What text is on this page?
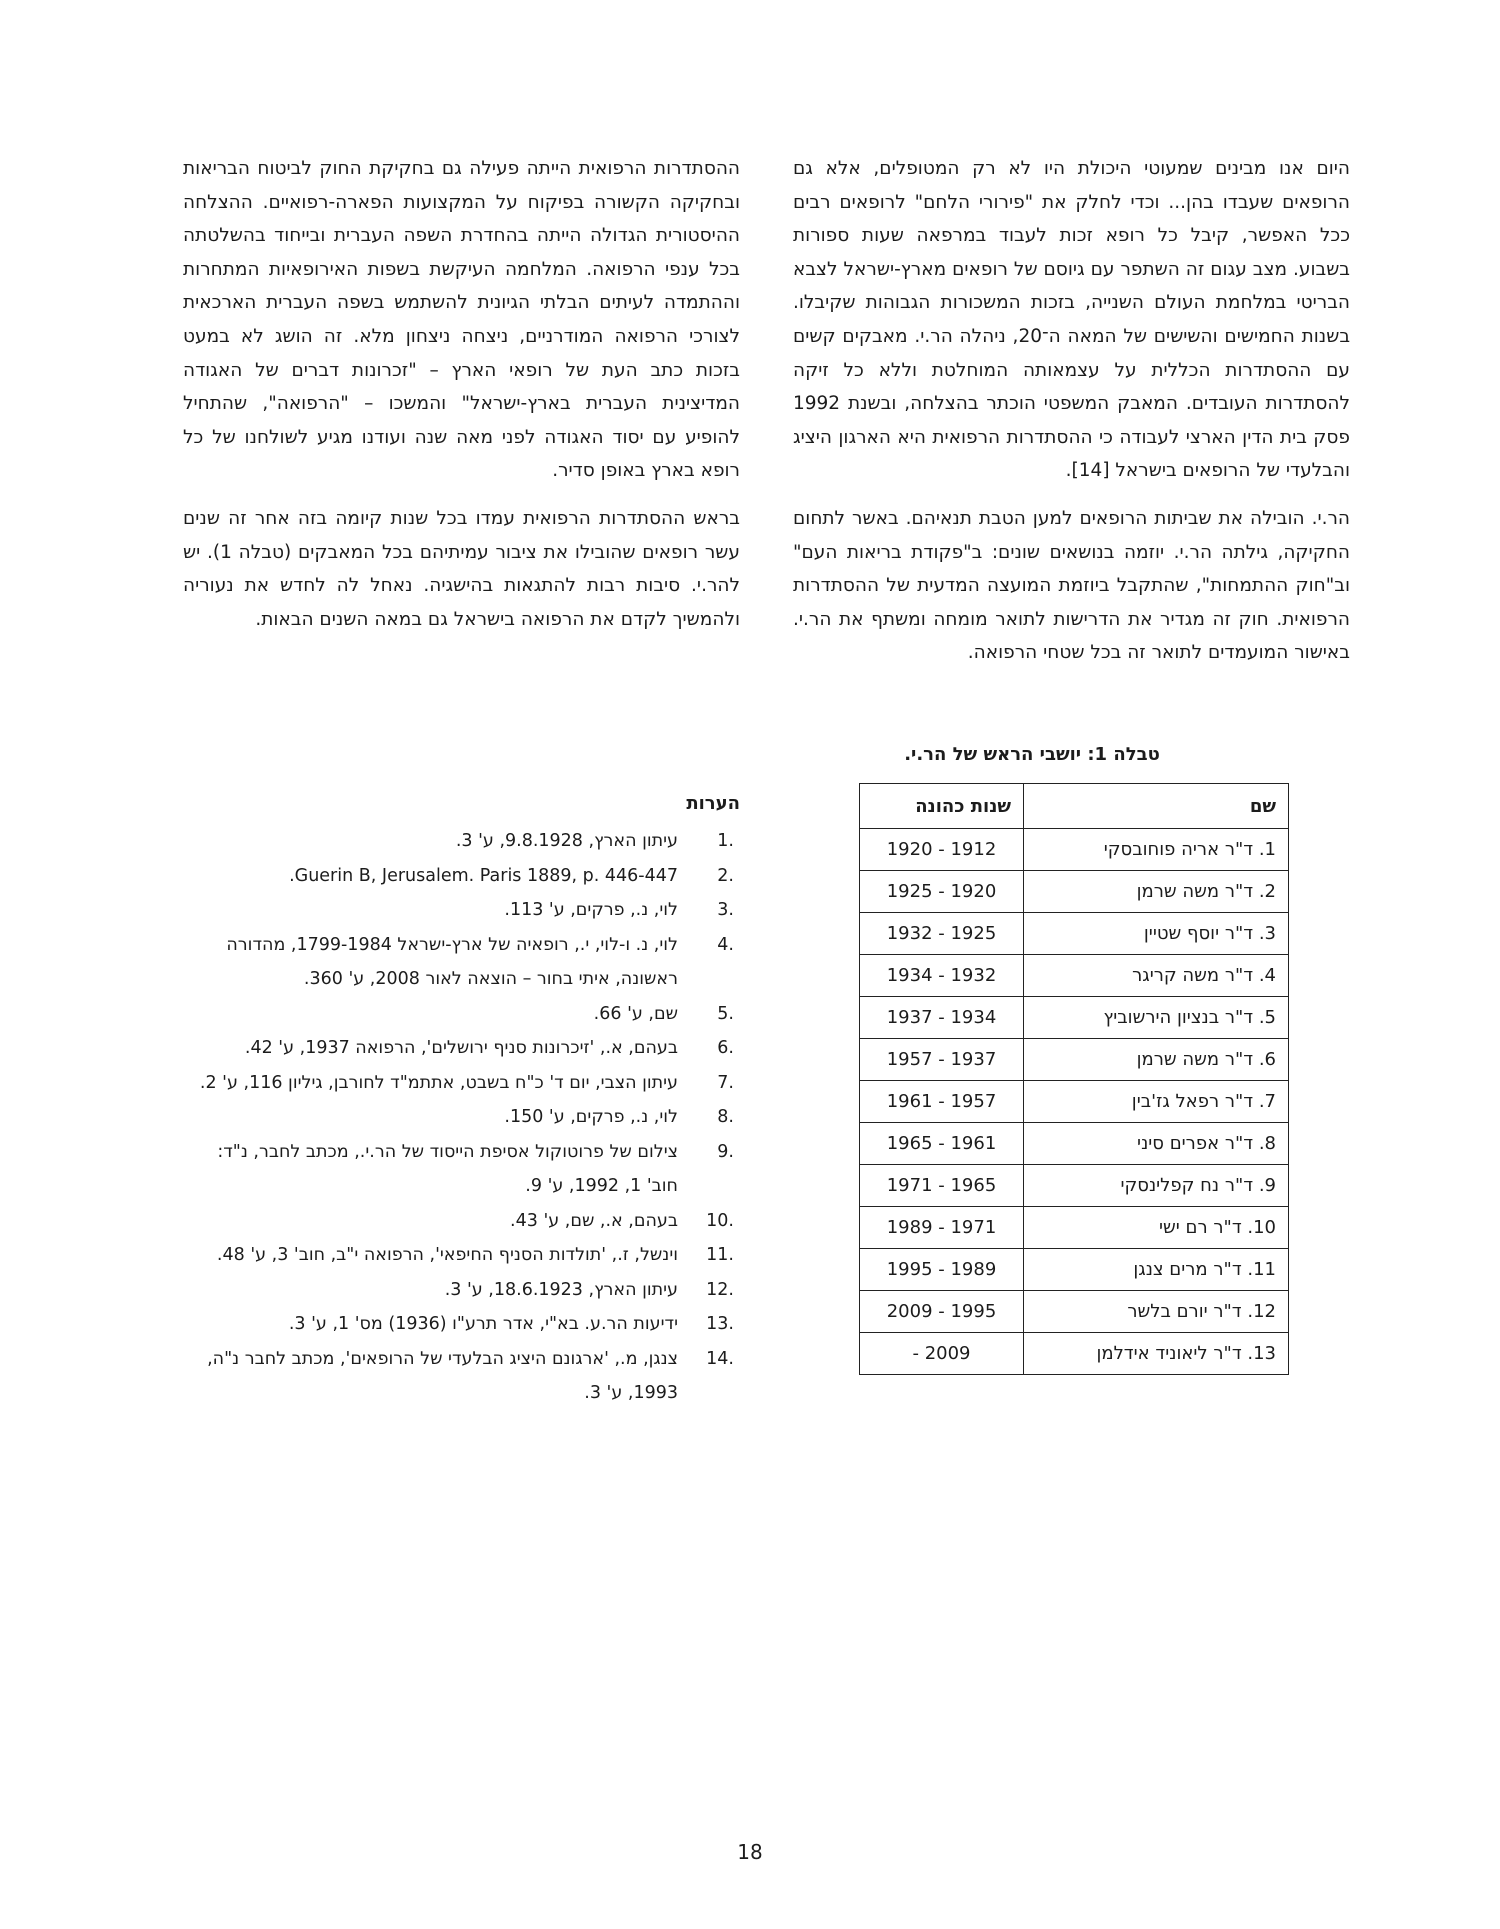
היום אנו מבינים שמעוטי היכולת היו לא רק המטופלים, אלא גם הרופאים שעבדו בהן... וכדי לחלק את "פירורי הלחם" לרופאים רבים ככל האפשר, קיבל כל רופא זכות לעבוד במרפאה שעות ספורות בשבוע. מצב עגום זה השתפר עם גיוסם של רופאים מארץ-ישראל לצבא הבריטי במלחמת העולם השנייה, בזכות המשכורות הגבוהות שקיבלו. בשנות החמישים והשישים של המאה ה־20, ניהלה הר.י. מאבקים קשים עם ההסתדרות הכללית על עצמאותה המוחלטת וללא כל זיקה להסתדרות העובדים. המאבק המשפטי הוכתר בהצלחה, ובשנת 1992 פסק בית הדין הארצי לעבודה כי ההסתדרות הרפואית היא הארגון היציג והבלעדי של הרופאים בישראל [14].

הר.י. הובילה את שביתות הרופאים למען הטבת תנאיהם. באשר לתחום החקיקה, גילתה הר.י. יוזמה בנושאים שונים: ב"פקודת בריאות העם" וב"חוק ההתמחות", שהתקבל ביוזמת המועצה המדעית של ההסתדרות הרפואית. חוק זה מגדיר את הדרישות לתואר מומחה ומשתף את הר.י. באישור המועמדים לתואר זה בכל שטחי הרפואה.

ההסתדרות הרפואית הייתה פעילה גם בחקיקת החוק לביטוח הבריאות ובחקיקה הקשורה בפיקוח על המקצועות הפארה-רפואיים. ההצלחה ההיסטורית הגדולה הייתה בהחדרת השפה העברית ובייחוד בהשלטתה בכל ענפי הרפואה. המלחמה העיקשת בשפות האירופאיות המתחרות וההתמדה לעיתים הבלתי הגיונית להשתמש בשפה העברית הארכאית לצורכי הרפואה המודרניים, ניצחה ניצחון מלא. זה הושג לא במעט בזכות כתב העת של רופאי הארץ – "זכרונות דברים של האגודה המדיצינית העברית בארץ-ישראל" והמשכו – "הרפואה", שהתחיל להופיע עם יסוד האגודה לפני מאה שנה ועודנו מגיע לשולחנו של כל רופא בארץ באופן סדיר.

בראש ההסתדרות הרפואית עמדו בכל שנות קיומה בזה אחר זה שנים עשר רופאים שהובילו את ציבור עמיתיהם בכל המאבקים (טבלה 1). יש להר.י. סיבות רבות להתגאות בהישגיה. נאחל לה לחדש את נעוריה ולהמשיך לקדם את הרפואה בישראל גם במאה השנים הבאות.

טבלה 1: יושבי הראש של הר.י.
שם	שנות כהונה
1. ד"ר אריה פוחובסקי	1920 - 1912
2. ד"ר משה שרמן	1925 - 1920
3. ד"ר יוסף שטיין	1932 - 1925
4. ד"ר משה קריגר	1934 - 1932
5. ד"ר בנציון הירשוביץ	1937 - 1934
6. ד"ר משה שרמן	1957 - 1937
7. ד"ר רפאל גז'בין	1961 - 1957
8. ד"ר אפרים סיני	1965 - 1961
9. ד"ר נח קפלינסקי	1971 - 1965
10. ד"ר רם ישי	1989 - 1971
11. ד"ר מרים צנגן	1995 - 1989
12. ד"ר יורם בלשר	2009 - 1995
13. ד"ר ליאוניד אידלמן	- 2009
הערות
1.
עיתון הארץ, 9.8.1928, ע' 3.
2.
Guerin B, Jerusalem. Paris 1889, p. 446-447.
3.
לוי, נ., פרקים, ע' 113.
4.
לוי, נ. ו-לוי, י., רופאיה של ארץ-ישראל 1799-1984, מהדורה ראשונה, איתי בחור – הוצאה לאור 2008, ע' 360.
5.
שם, ע' 66.
6.
בעהם, א., 'זיכרונות סניף ירושלים', הרפואה 1937, ע' 42.
7.
עיתון הצבי, יום ד' כ"ח בשבט, אתתמ"ד לחורבן, גיליון 116, ע' 2.
8.
לוי, נ., פרקים, ע' 150.
9.
צילום של פרוטוקול אסיפת הייסוד של הר.י., מכתב לחבר, נ"ד: חוב' 1, 1992, ע' 9.
10.
בעהם, א., שם, ע' 43.
11.
וינשל, ז., 'תולדות הסניף החיפאי', הרפואה י"ב, חוב' 3, ע' 48.
12.
עיתון הארץ, 18.6.1923, ע' 3.
13.
ידיעות הר.ע. בא"י, אדר תרע"ו (1936) מס' 1, ע' 3.
14.
צנגן, מ., 'ארגונם היציג הבלעדי של הרופאים', מכתב לחבר נ"ה, 1993, ע' 3.
18
